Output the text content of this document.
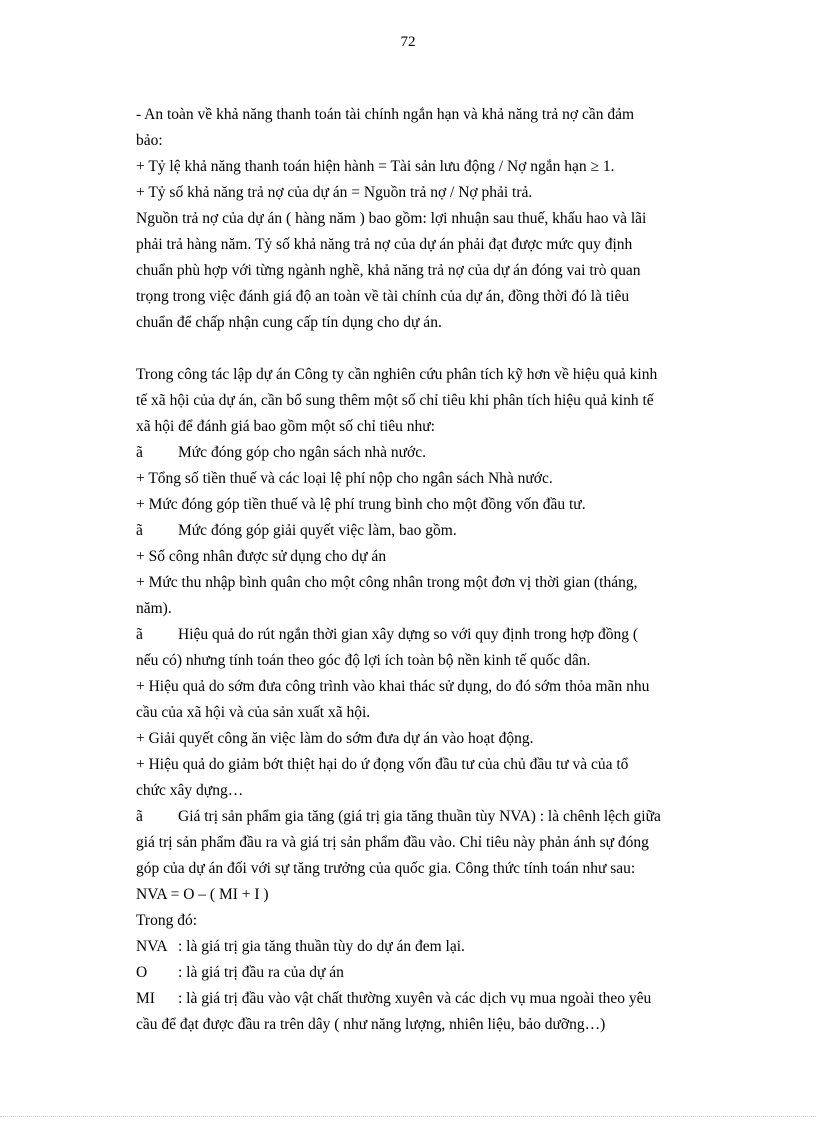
72
- An toàn về khả năng thanh toán tài chính ngắn hạn và khả năng trả nợ cần đảm
bảo:
+ Tỷ lệ khả năng thanh toán hiện hành = Tài sản lưu động / Nợ ngắn hạn ≥ 1.
+ Tỷ số khả năng trả nợ của dự án = Nguồn trả nợ / Nợ phải trả.
Nguồn trả nợ của dự án ( hàng năm ) bao gồm: lợi nhuận sau thuế, khấu hao và lãi
phải trả hàng năm. Tỷ số khả năng trả nợ của dự án phải đạt được mức quy định
chuẩn phù hợp với từng ngành nghề, khả năng trả nợ của dự án đóng vai trò quan
trọng trong việc đánh giá độ an toàn về tài chính của dự án, đồng thời đó là tiêu
chuẩn để chấp nhận cung cấp tín dụng cho dự án.
Trong công tác lập dự án Công ty cần nghiên cứu phân tích kỹ hơn về hiệu quả kinh
tế xã hội của dự án, cần bổ sung thêm một số chỉ tiêu khi phân tích hiệu quả kinh tế
xã hội để đánh giá bao gồm một số chỉ tiêu như:
ã Mức đóng góp cho ngân sách nhà nước.
+ Tổng số tiền thuế và các loại lệ phí nộp cho ngân sách Nhà nước.
+ Mức đóng góp tiền thuế và lệ phí trung bình cho một đồng vốn đầu tư.
ã Mức đóng góp giải quyết việc làm, bao gồm.
+ Số công nhân được sử dụng cho dự án
+ Mức thu nhập bình quân cho một công nhân trong một đơn vị thời gian (tháng,
năm).
ã Hiệu quả do rút ngắn thời gian xây dựng so với quy định trong hợp đồng (
nếu có) nhưng tính toán theo góc độ lợi ích toàn bộ nền kinh tế quốc dân.
+ Hiệu quả do sớm đưa công trình vào khai thác sử dụng, do đó sớm thỏa mãn nhu
cầu của xã hội và của sản xuất xã hội.
+ Giải quyết công ăn việc làm do sớm đưa dự án vào hoạt động.
+ Hiệu quả do giảm bớt thiệt hại do ứ đọng vốn đầu tư của chủ đầu tư và của tổ
chức xây dựng…
ã Giá trị sản phẩm gia tăng (giá trị gia tăng thuần tùy NVA) : là chênh lệch giữa
giá trị sản phẩm đầu ra và giá trị sản phẩm đầu vào. Chỉ tiêu này phản ánh sự đóng
góp của dự án đối với sự tăng trưởng của quốc gia. Công thức tính toán như sau:
NVA = O – ( MI + I )
Trong đó:
NVA : là giá trị gia tăng thuần tùy do dự án đem lại.
O : là giá trị đầu ra của dự án
MI : là giá trị đầu vào vật chất thường xuyên và các dịch vụ mua ngoài theo yêu
cầu để đạt được đầu ra trên dây ( như năng lượng, nhiên liệu, bảo dưỡng…)
